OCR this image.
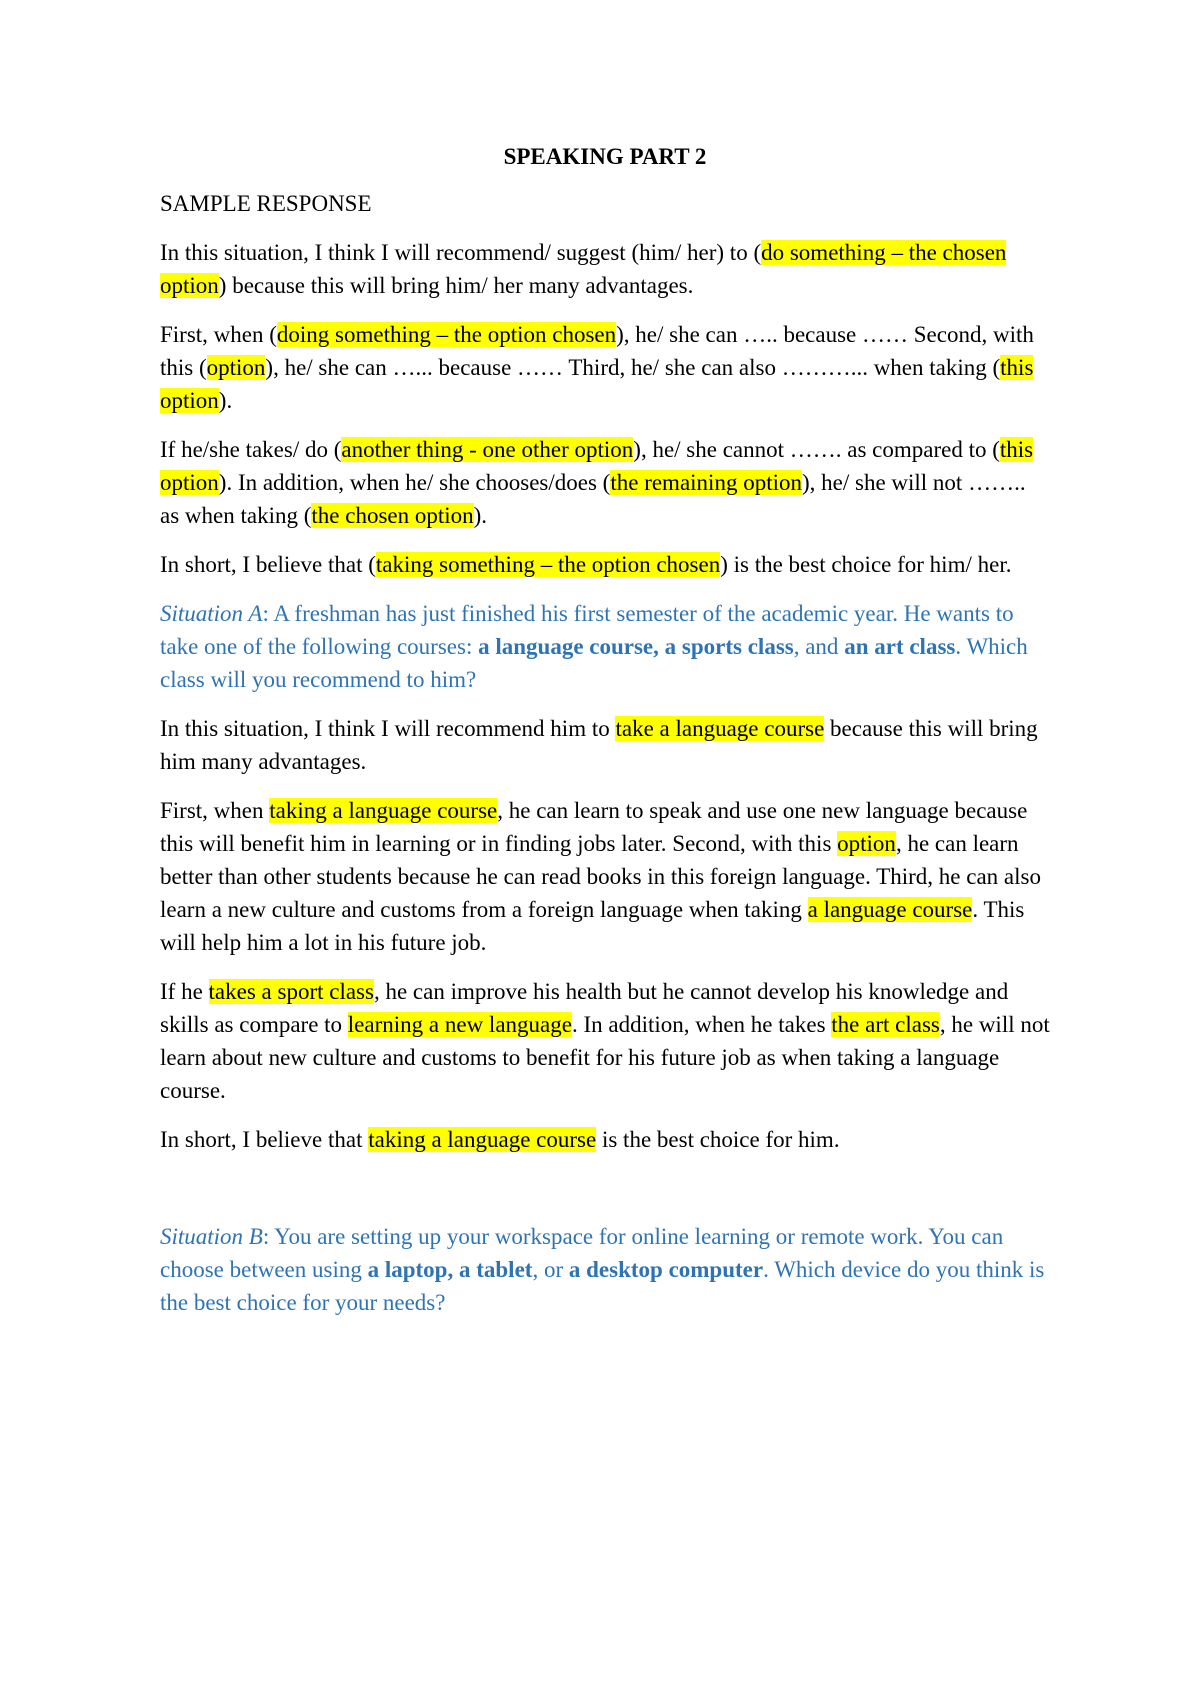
SPEAKING PART 2
SAMPLE RESPONSE

In this situation, I think I will recommend/ suggest (him/ her) to (do something – the chosen option) because this will bring him/ her many advantages.

First, when (doing something – the option chosen), he/ she can ….. because …… Second, with this (option), he/ she can …... because …… Third, he/ she can also ………... when taking (this option).

If he/she takes/ do (another thing - one other option), he/ she cannot ……. as compared to (this option). In addition, when he/ she chooses/does (the remaining option), he/ she will not …….. as when taking (the chosen option).

In short, I believe that (taking something – the option chosen) is the best choice for him/ her.

Situation A: A freshman has just finished his first semester of the academic year. He wants to take one of the following courses: a language course, a sports class, and an art class. Which class will you recommend to him?

In this situation, I think I will recommend him to take a language course because this will bring him many advantages.

First, when taking a language course, he can learn to speak and use one new language because this will benefit him in learning or in finding jobs later. Second, with this option, he can learn better than other students because he can read books in this foreign language. Third, he can also learn a new culture and customs from a foreign language when taking a language course. This will help him a lot in his future job.

If he takes a sport class, he can improve his health but he cannot develop his knowledge and skills as compare to learning a new language. In addition, when he takes the art class, he will not learn about new culture and customs to benefit for his future job as when taking a language course.

In short, I believe that taking a language course is the best choice for him.

Situation B: You are setting up your workspace for online learning or remote work. You can choose between using a laptop, a tablet, or a desktop computer. Which device do you think is the best choice for your needs?
